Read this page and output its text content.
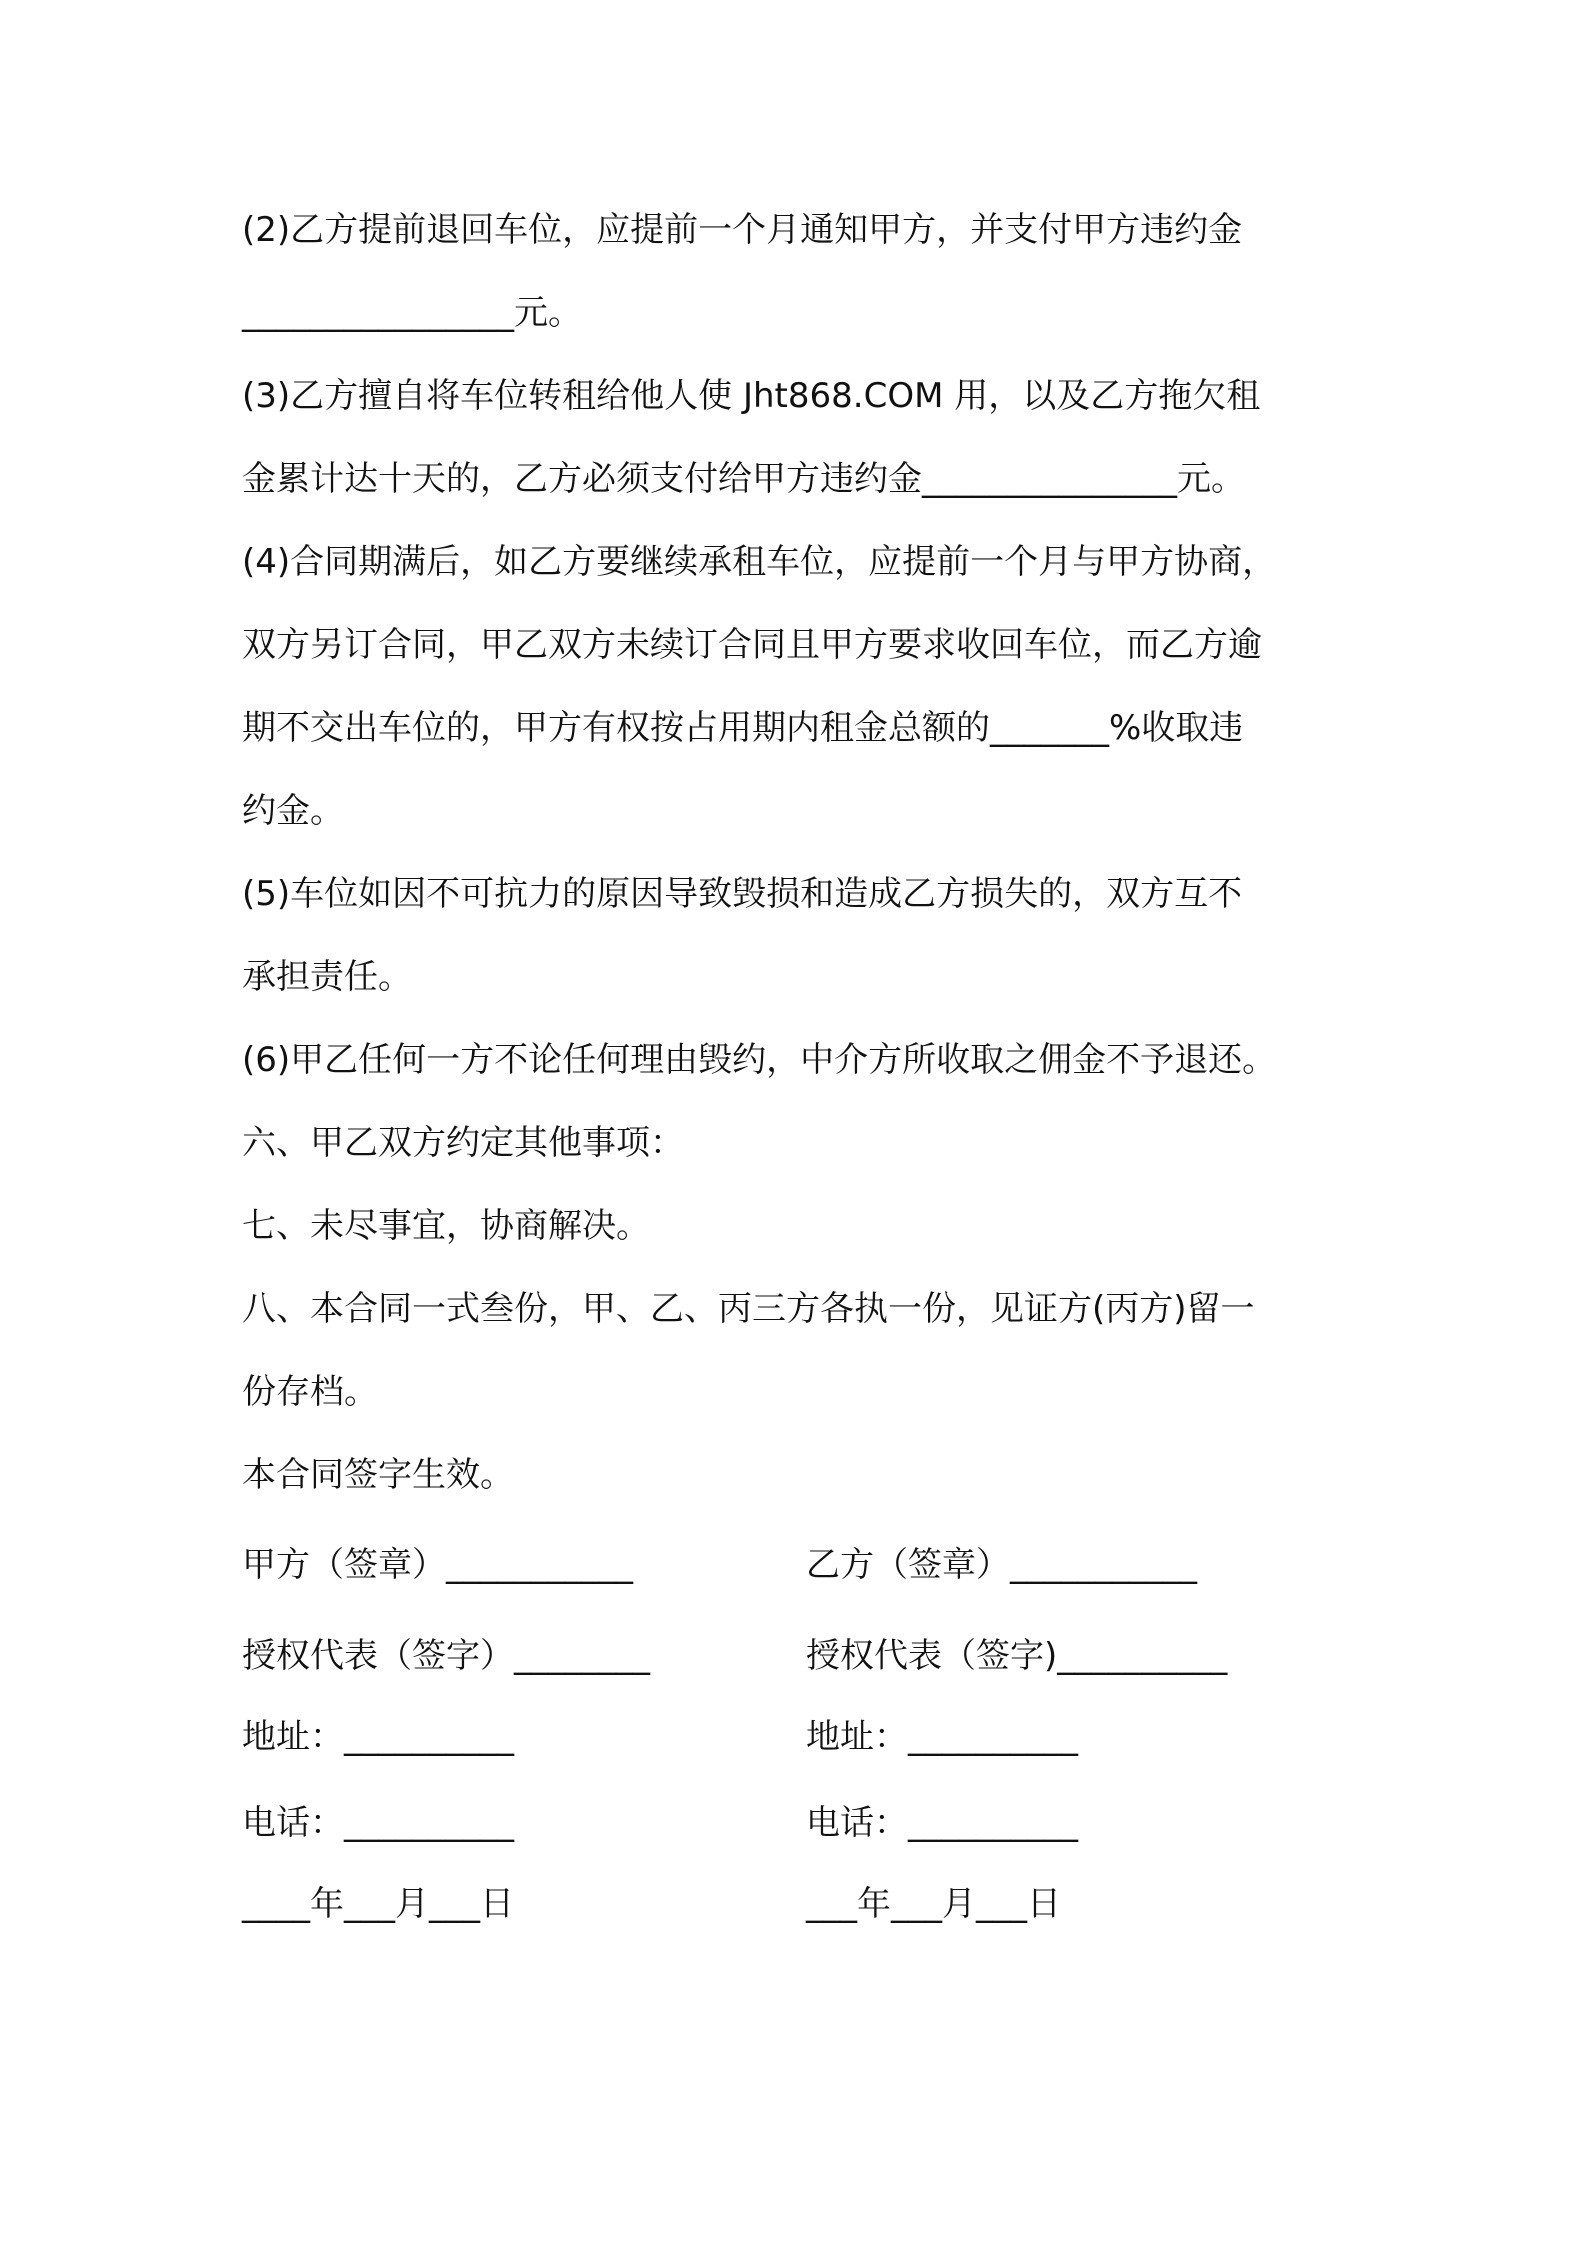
(2)乙方提前退回车位，应提前一个月通知甲方，并支付甲方违约金
________________元。
(3)乙方擅自将车位转租给他人使 Jht868.COM 用，以及乙方拖欠租
金累计达十天的，乙方必须支付给甲方违约金_______________元。
(4)合同期满后，如乙方要继续承租车位，应提前一个月与甲方协商，
双方另订合同，甲乙双方未续订合同且甲方要求收回车位，而乙方逾
期不交出车位的，甲方有权按占用期内租金总额的_______%收取违
约金。
(5)车位如因不可抗力的原因导致毁损和造成乙方损失的，双方互不
承担责任。
(6)甲乙任何一方不论任何理由毁约，中介方所收取之佣金不予退还。
六、甲乙双方约定其他事项：
七、未尽事宜，协商解决。
八、本合同一式叁份，甲、乙、丙三方各执一份，见证方(丙方)留一
份存档。
本合同签字生效。
甲方（签章）___________
授权代表（签字）________
地址：__________
电话：__________
____年___月___日
乙方（签章）___________
授权代表（签字)__________
地址：__________
电话：__________
___年___月___日
